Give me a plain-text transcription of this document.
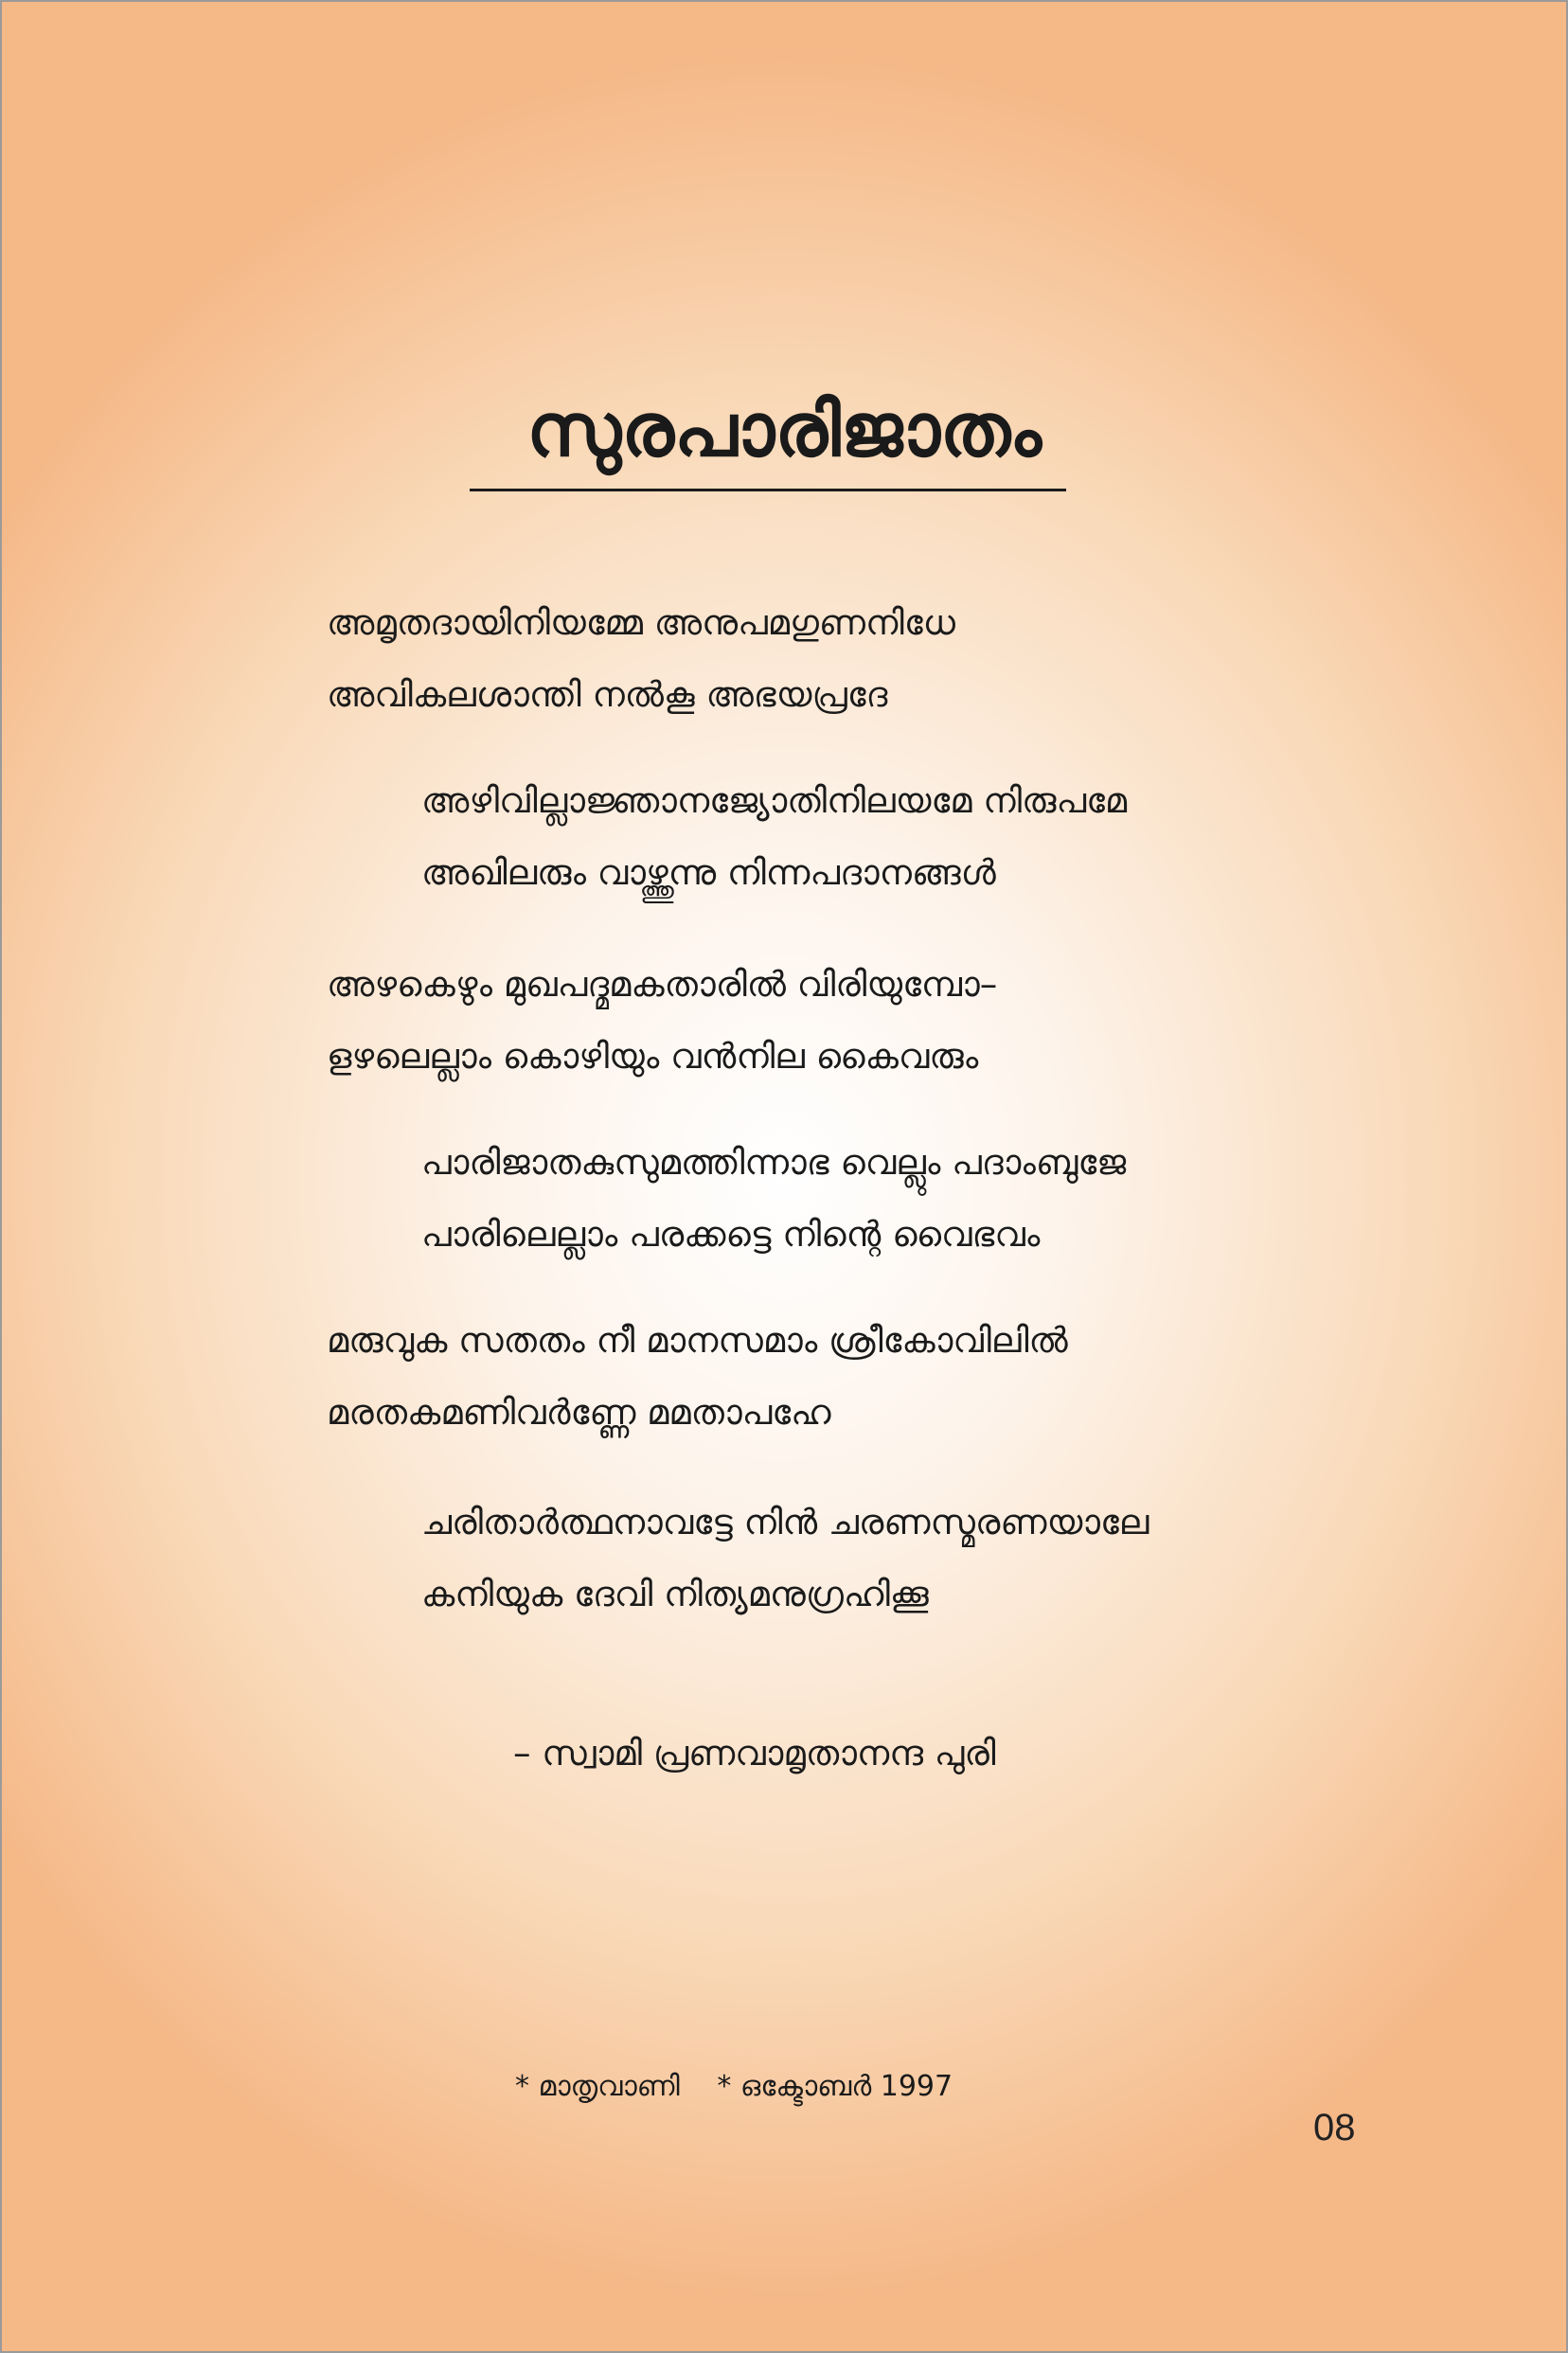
സുരപാരിജാതം
അമൃതദായിനിയമ്മേ അനുപമഗുണനിധേ
അവികലശാന്തി നൽകൂ അഭയപ്രദേ
അഴിവില്ലാജ്ഞാനജ്യോതിനിലയമേ നിരുപമേ
അഖിലരും വാഴ്ത്തുന്നു നിന്നപദാനങ്ങൾ
അഴകെഴും മുഖപദ്മമകതാരിൽ വിരിയുമ്പോ–
ളഴലെല്ലാം കൊഴിയും വൻനില കൈവരും
പാരിജാതകുസുമത്തിന്നാഭ വെല്ലും പദാംബുജേ
പാരിലെല്ലാം പരക്കട്ടെ നിന്റെ വൈഭവം
മരുവുക സതതം നീ മാനസമാം ശ്രീകോവിലിൽ
മരതകമണിവർണ്ണേ മമതാപഹേ
ചരിതാർത്ഥനാവട്ടേ നിൻ ചരണസ്മരണയാലേ
കനിയുക ദേവി നിത്യമനുഗ്രഹിക്കൂ
– സ്വാമി പ്രണവാമൃതാനന്ദ പുരി
* മാതൃവാണി * ഒക്ടോബർ 1997
08
